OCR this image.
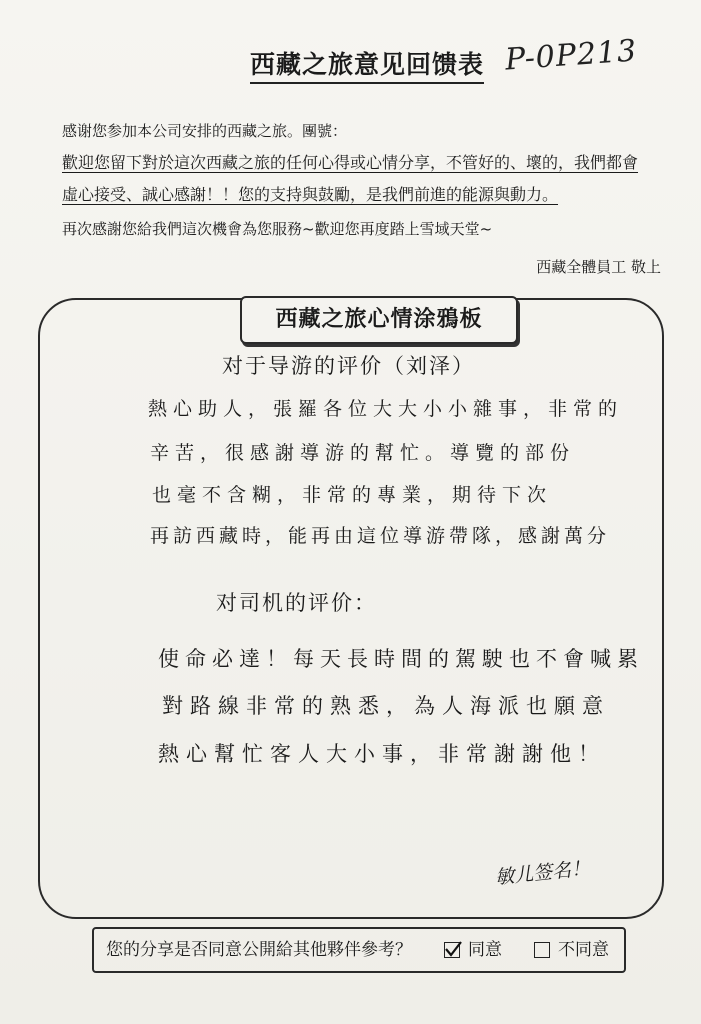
西藏之旅意见回馈表 P-0P213
感谢您参加本公司安排的西藏之旅。團號：
歡迎您留下對於這次西藏之旅的任何心得或心情分享，不管好的、壞的，我們都會
虛心接受、誠心感謝！！您的支持與鼓勵，是我們前進的能源與動力。
再次感謝您給我們這次機會為您服務~歡迎您再度踏上雪域天堂~
西藏全體員工 敬上
西藏之旅心情涂鴉板
对于导游的评价（刘泽）
熱心助人，張羅各位大大小小雜事，非常的
辛苦，很感謝導游的幫忙。導覽的部份
也毫不含糊，非常的專業，期待下次
再訪西藏時，能再由這位導游帶隊，感謝萬分
对司机的评价：
使命必達！每天長時間的駕駛也不會喊累
對路線非常的熟悉，為人海派也願意
熱心幫忙客人大小事，非常謝謝他！
敏儿签名！
您的分享是否同意公開給其他夥伴參考？	同意	不同意
